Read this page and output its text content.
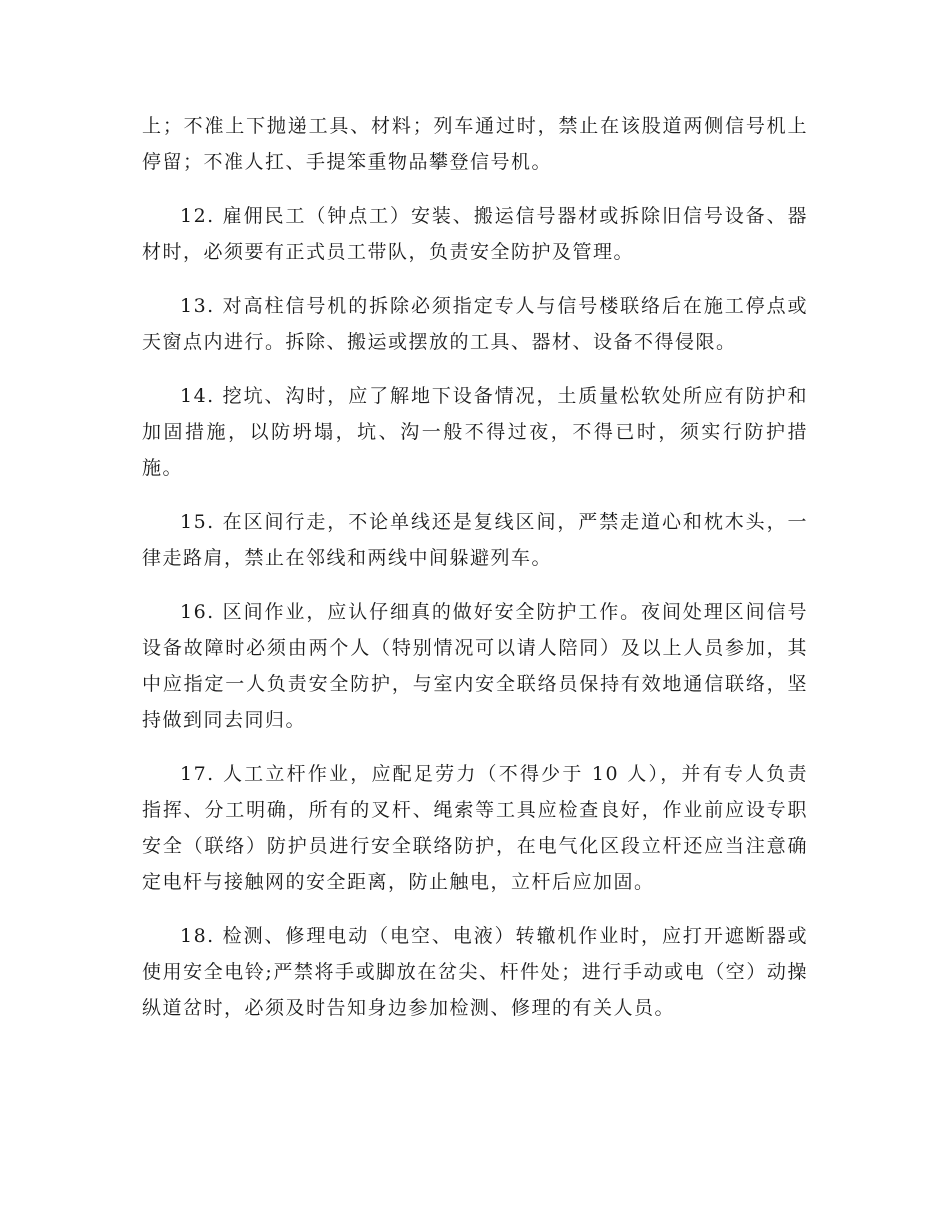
上；不准上下抛递工具、材料；列车通过时，禁止在该股道两侧信号机上停留；不准人扛、手提笨重物品攀登信号机。

12. 雇佣民工（钟点工）安装、搬运信号器材或拆除旧信号设备、器材时，必须要有正式员工带队，负责安全防护及管理。

13. 对高柱信号机的拆除必须指定专人与信号楼联络后在施工停点或天窗点内进行。拆除、搬运或摆放的工具、器材、设备不得侵限。

14. 挖坑、沟时，应了解地下设备情况，土质量松软处所应有防护和加固措施，以防坍塌，坑、沟一般不得过夜，不得已时，须实行防护措施。

15. 在区间行走，不论单线还是复线区间，严禁走道心和枕木头，一律走路肩，禁止在邻线和两线中间躲避列车。

16. 区间作业，应认仔细真的做好安全防护工作。夜间处理区间信号设备故障时必须由两个人（特别情况可以请人陪同）及以上人员参加，其中应指定一人负责安全防护，与室内安全联络员保持有效地通信联络，坚持做到同去同归。

17. 人工立杆作业，应配足劳力（不得少于 10 人），并有专人负责指挥、分工明确，所有的叉杆、绳索等工具应检查良好，作业前应设专职安全（联络）防护员进行安全联络防护，在电气化区段立杆还应当注意确定电杆与接触网的安全距离，防止触电，立杆后应加固。

18. 检测、修理电动（电空、电液）转辙机作业时，应打开遮断器或使用安全电铃;严禁将手或脚放在岔尖、杆件处；进行手动或电（空）动操纵道岔时，必须及时告知身边参加检测、修理的有关人员。
